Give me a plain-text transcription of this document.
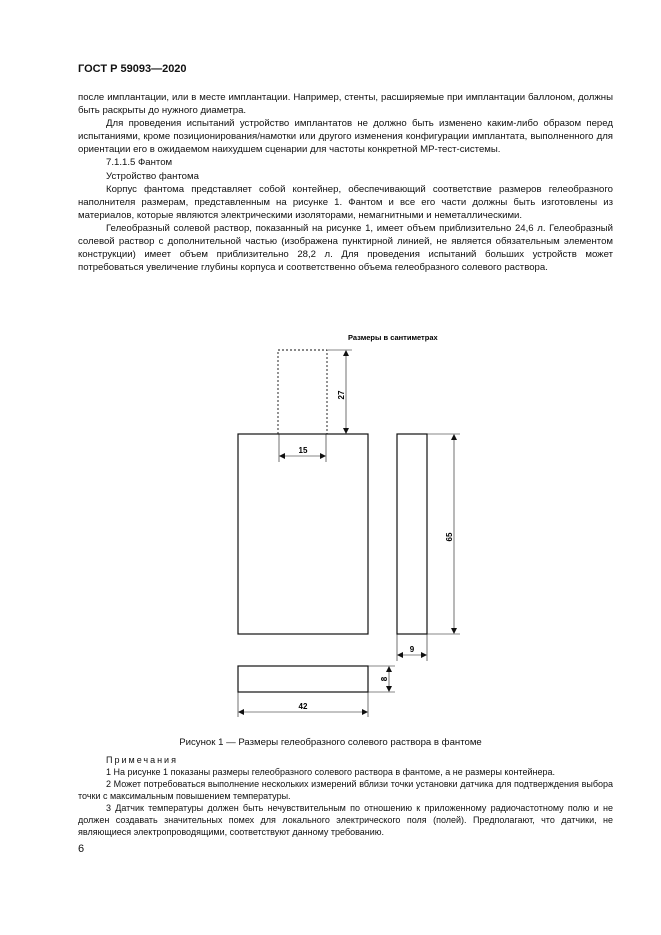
ГОСТ Р 59093—2020

после имплантации, или в месте имплантации. Например, стенты, расширяемые при имплантации баллоном, должны быть раскрыты до нужного диаметра.

Для проведения испытаний устройство имплантатов не должно быть изменено каким-либо образом перед испытаниями, кроме позиционирования/намотки или другого изменения конфигурации имплантата, выполненного для ориентации его в ожидаемом наихудшем сценарии для частоты конкретной МР-тест-системы.

7.1.1.5 Фантом

Устройство фантома

Корпус фантома представляет собой контейнер, обеспечивающий соответствие размеров гелеобразного наполнителя размерам, представленным на рисунке 1. Фантом и все его части должны быть изготовлены из материалов, которые являются электрическими изоляторами, немагнитными и неметаллическими.

Гелеобразный солевой раствор, показанный на рисунке 1, имеет объем приблизительно 24,6 л. Гелеобразный солевой раствор с дополнительной частью (изображена пунктирной линией, не является обязательным элементом конструкции) имеет объем приблизительно 28,2 л. Для проведения испытаний больших устройств может потребоваться увеличение глубины корпуса и соответственно объема гелеобразного солевого раствора.

Размеры в сантиметрах
27
15
65
9
8
42
Рисунок 1 — Размеры гелеобразного солевого раствора в фантоме

Примечания

1 На рисунке 1 показаны размеры гелеобразного солевого раствора в фантоме, а не размеры контейнера.

2 Может потребоваться выполнение нескольких измерений вблизи точки установки датчика для подтверждения выбора точки с максимальным повышением температуры.

3 Датчик температуры должен быть нечувствительным по отношению к приложенному радиочастотному полю и не должен создавать значительных помех для локального электрического поля (полей). Предполагают, что датчики, не являющиеся электропроводящими, соответствуют данному требованию.

6
